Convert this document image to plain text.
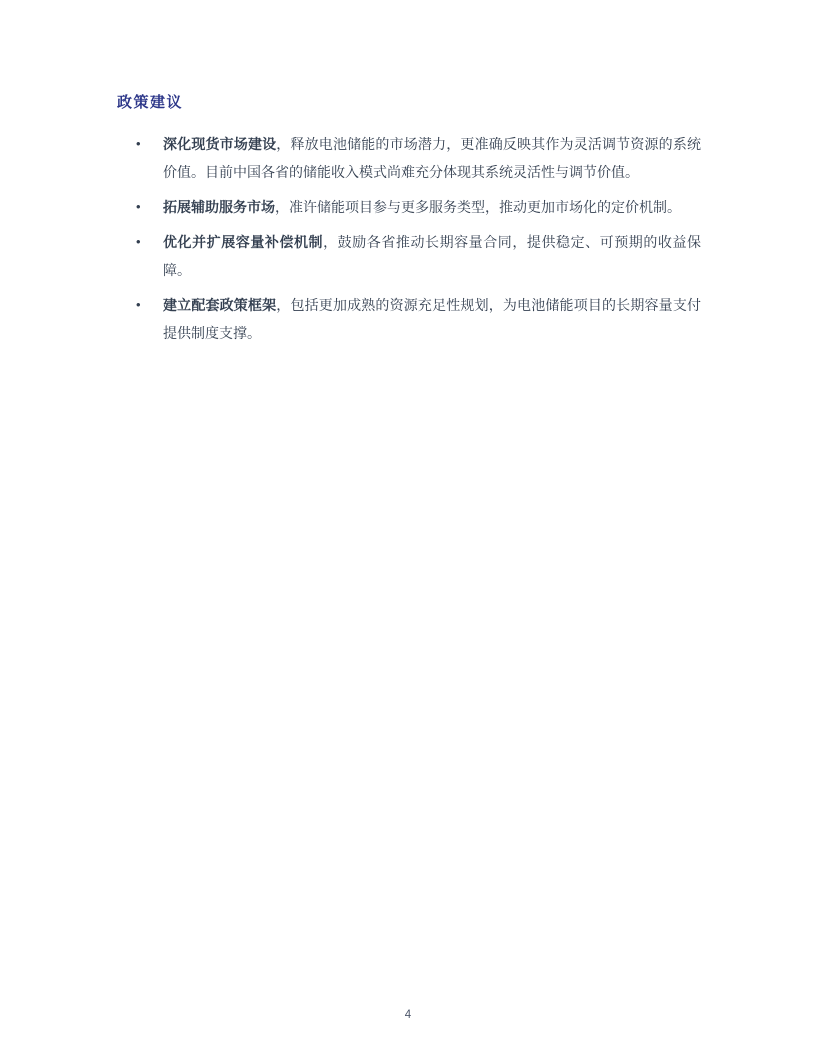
政策建议
• 深化现货市场建设，释放电池储能的市场潜力，更准确反映其作为灵活调节资源的系统价值。目前中国各省的储能收入模式尚难充分体现其系统灵活性与调节价值。
• 拓展辅助服务市场，准许储能项目参与更多服务类型，推动更加市场化的定价机制。
• 优化并扩展容量补偿机制，鼓励各省推动长期容量合同，提供稳定、可预期的收益保障。
• 建立配套政策框架，包括更加成熟的资源充足性规划，为电池储能项目的长期容量支付提供制度支撑。
4
